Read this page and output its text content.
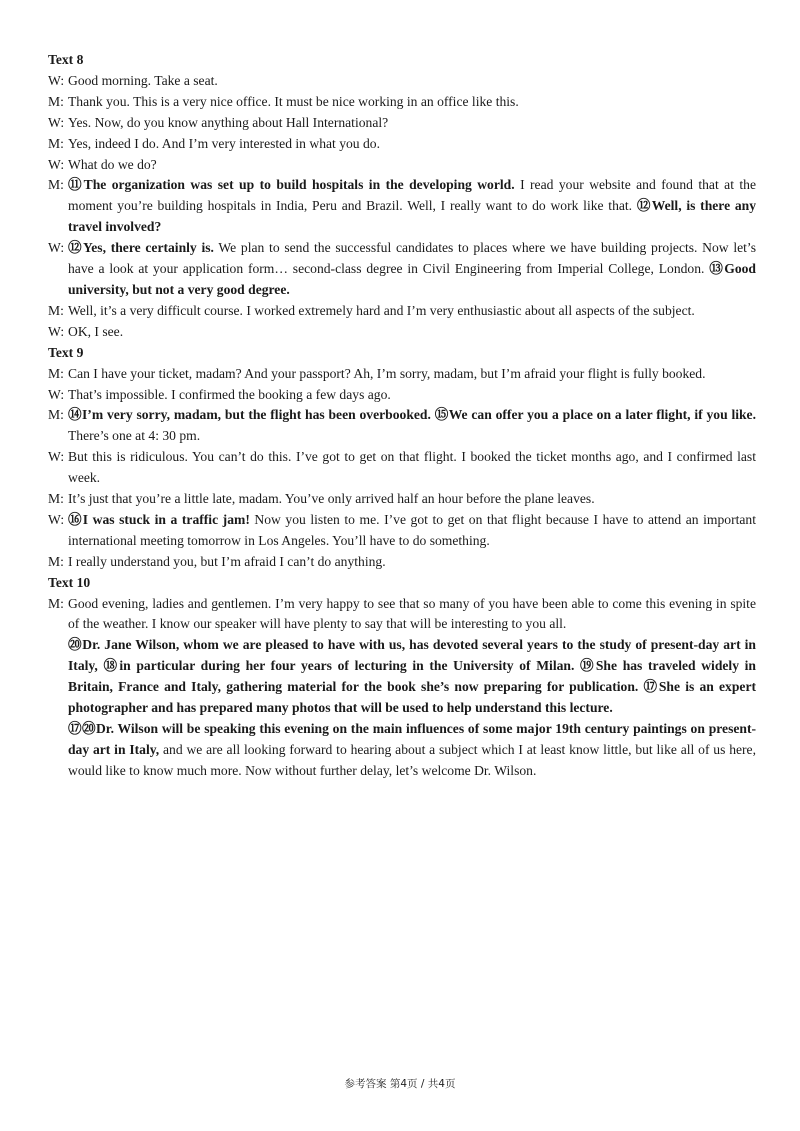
Text 8
W: Good morning. Take a seat.
M: Thank you. This is a very nice office. It must be nice working in an office like this.
W: Yes. Now, do you know anything about Hall International?
M: Yes, indeed I do. And I’m very interested in what you do.
W: What do we do?
M: ⑪The organization was set up to build hospitals in the developing world. I read your website and found that at the moment you’re building hospitals in India, Peru and Brazil. Well, I really want to do work like that. ⑫Well, is there any travel involved?
W: ⑫Yes, there certainly is. We plan to send the successful candidates to places where we have building projects. Now let’s have a look at your application form… second-class degree in Civil Engineering from Imperial College, London. ⑬Good university, but not a very good degree.
M: Well, it’s a very difficult course. I worked extremely hard and I’m very enthusiastic about all aspects of the subject.
W: OK, I see.
Text 9
M: Can I have your ticket, madam? And your passport? Ah, I’m sorry, madam, but I’m afraid your flight is fully booked.
W: That’s impossible. I confirmed the booking a few days ago.
M: ⑭I’m very sorry, madam, but the flight has been overbooked. ⑮We can offer you a place on a later flight, if you like. There’s one at 4: 30 pm.
W: But this is ridiculous. You can’t do this. I’ve got to get on that flight. I booked the ticket months ago, and I confirmed last week.
M: It’s just that you’re a little late, madam. You’ve only arrived half an hour before the plane leaves.
W: ⑯I was stuck in a traffic jam! Now you listen to me. I’ve got to get on that flight because I have to attend an important international meeting tomorrow in Los Angeles. You’ll have to do something.
M: I really understand you, but I’m afraid I can’t do anything.
Text 10
M: Good evening, ladies and gentlemen. I’m very happy to see that so many of you have been able to come this evening in spite of the weather. I know our speaker will have plenty to say that will be interesting to you all.
⑳Dr. Jane Wilson, whom we are pleased to have with us, has devoted several years to the study of present-day art in Italy, ⑱in particular during her four years of lecturing in the University of Milan. ⑲She has traveled widely in Britain, France and Italy, gathering material for the book she’s now preparing for publication. ⑰She is an expert photographer and has prepared many photos that will be used to help understand this lecture.
⑰⑳Dr. Wilson will be speaking this evening on the main influences of some major 19th century paintings on present-day art in Italy, and we are all looking forward to hearing about a subject which I at least know little, but like all of us here, would like to know much more. Now without further delay, let’s welcome Dr. Wilson.
参考答案 第4页 / 共4页
